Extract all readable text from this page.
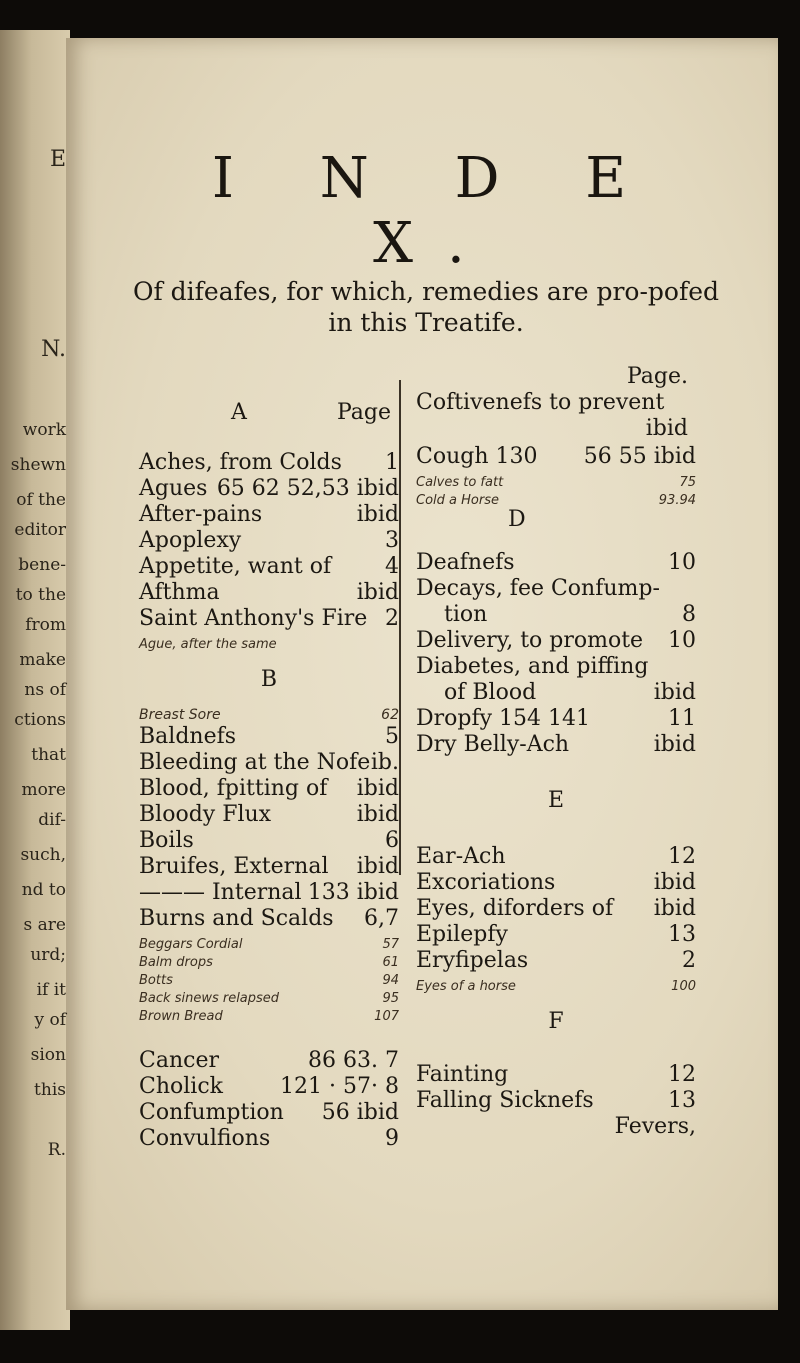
I N D E X.
Of difeafes, for which, remedies are pro-pofed in this Treatife.
A	Page
Aches, from Colds 1
Agues 65 62 52,53 ibid
After-pains	ibid
Apoplexy	3
Appetite, want of 4
Afthma	ibid
Saint Anthony's Fire 2
Ague, after the same
B
Breast Sore	62
Baldnefs	5
Bleeding at the Nofe ib.
Blood, fpitting of ibid
Bloody Flux	ibid
Boils	6
Bruifes, External ibid
——— Internal 133 ibid
Burns and Scalds 6,7
Beggars Cordial	57
Balm drops	61
Botts	94
Back sinews relapsed	95
Brown Bread	107
Cancer	86 63. 7
Cholick	121 · 57· 8
Confumption 56 ibid
Convulfions	9
Page.
Coftivenefs to prevent
ibid
Cough 130 56 55 ibid
Calves to fatt	75
Cold a Horse	93.94
D
Deafnefs	10
Decays, fee Confump-
tion	8
Delivery, to promote 10
Diabetes, and piffing
of Blood	ibid
Dropfy 154 141	11
Dry Belly-Ach	ibid
E
Ear-Ach	12
Excoriations	ibid
Eyes, diforders of ibid
Epilepfy	13
Eryfipelas	2
Eyes of a horse	100
F
Fainting	12
Falling Sicknefs	13
Fevers,
E
N.
work
shewn
of the
editor
bene-
to the
from
make
ns of
ctions
that
more
dif-
such,
nd to
s are
urd;
if it
y of
sion
this
R.
